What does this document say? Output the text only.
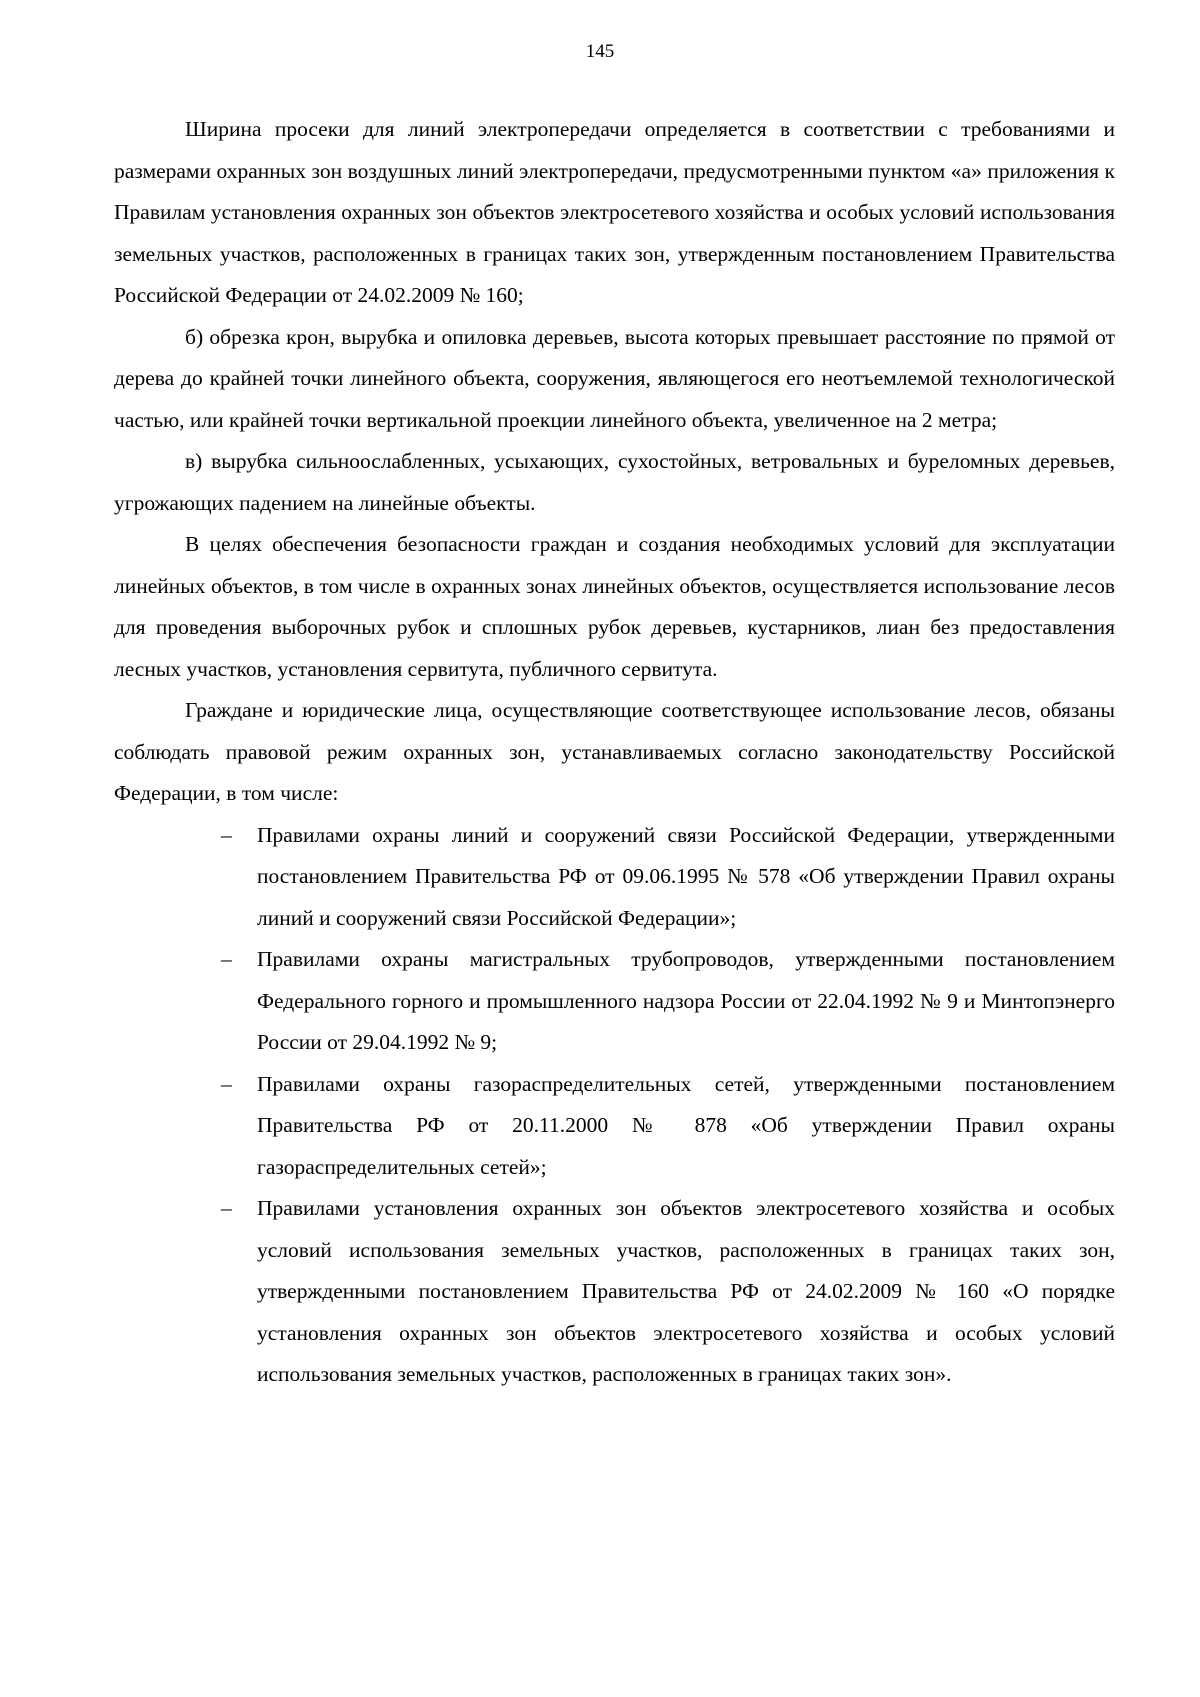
145

Ширина просеки для линий электропередачи определяется в соответствии с требованиями и размерами охранных зон воздушных линий электропередачи, предусмотренными пунктом «а» приложения к Правилам установления охранных зон объектов электросетевого хозяйства и особых условий использования земельных участков, расположенных в границах таких зон, утвержденным постановлением Правительства Российской Федерации от 24.02.2009 № 160;

б) обрезка крон, вырубка и опиловка деревьев, высота которых превышает расстояние по прямой от дерева до крайней точки линейного объекта, сооружения, являющегося его неотъемлемой технологической частью, или крайней точки вертикальной проекции линейного объекта, увеличенное на 2 метра;

в) вырубка сильноослабленных, усыхающих, сухостойных, ветровальных и буреломных деревьев, угрожающих падением на линейные объекты.

В целях обеспечения безопасности граждан и создания необходимых условий для эксплуатации линейных объектов, в том числе в охранных зонах линейных объектов, осуществляется использование лесов для проведения выборочных рубок и сплошных рубок деревьев, кустарников, лиан без предоставления лесных участков, установления сервитута, публичного сервитута.

Граждане и юридические лица, осуществляющие соответствующее использование лесов, обязаны соблюдать правовой режим охранных зон, устанавливаемых согласно законодательству Российской Федерации, в том числе:

– Правилами охраны линий и сооружений связи Российской Федерации, утвержденными постановлением Правительства РФ от 09.06.1995 № 578 «Об утверждении Правил охраны линий и сооружений связи Российской Федерации»;
– Правилами охраны магистральных трубопроводов, утвержденными постановлением Федерального горного и промышленного надзора России от 22.04.1992 № 9 и Минтопэнерго России от 29.04.1992 № 9;
– Правилами охраны газораспределительных сетей, утвержденными постановлением Правительства РФ от 20.11.2000 № 878 «Об утверждении Правил охраны газораспределительных сетей»;
– Правилами установления охранных зон объектов электросетевого хозяйства и особых условий использования земельных участков, расположенных в границах таких зон, утвержденными постановлением Правительства РФ от 24.02.2009 № 160 «О порядке установления охранных зон объектов электросетевого хозяйства и особых условий использования земельных участков, расположенных в границах таких зон».
